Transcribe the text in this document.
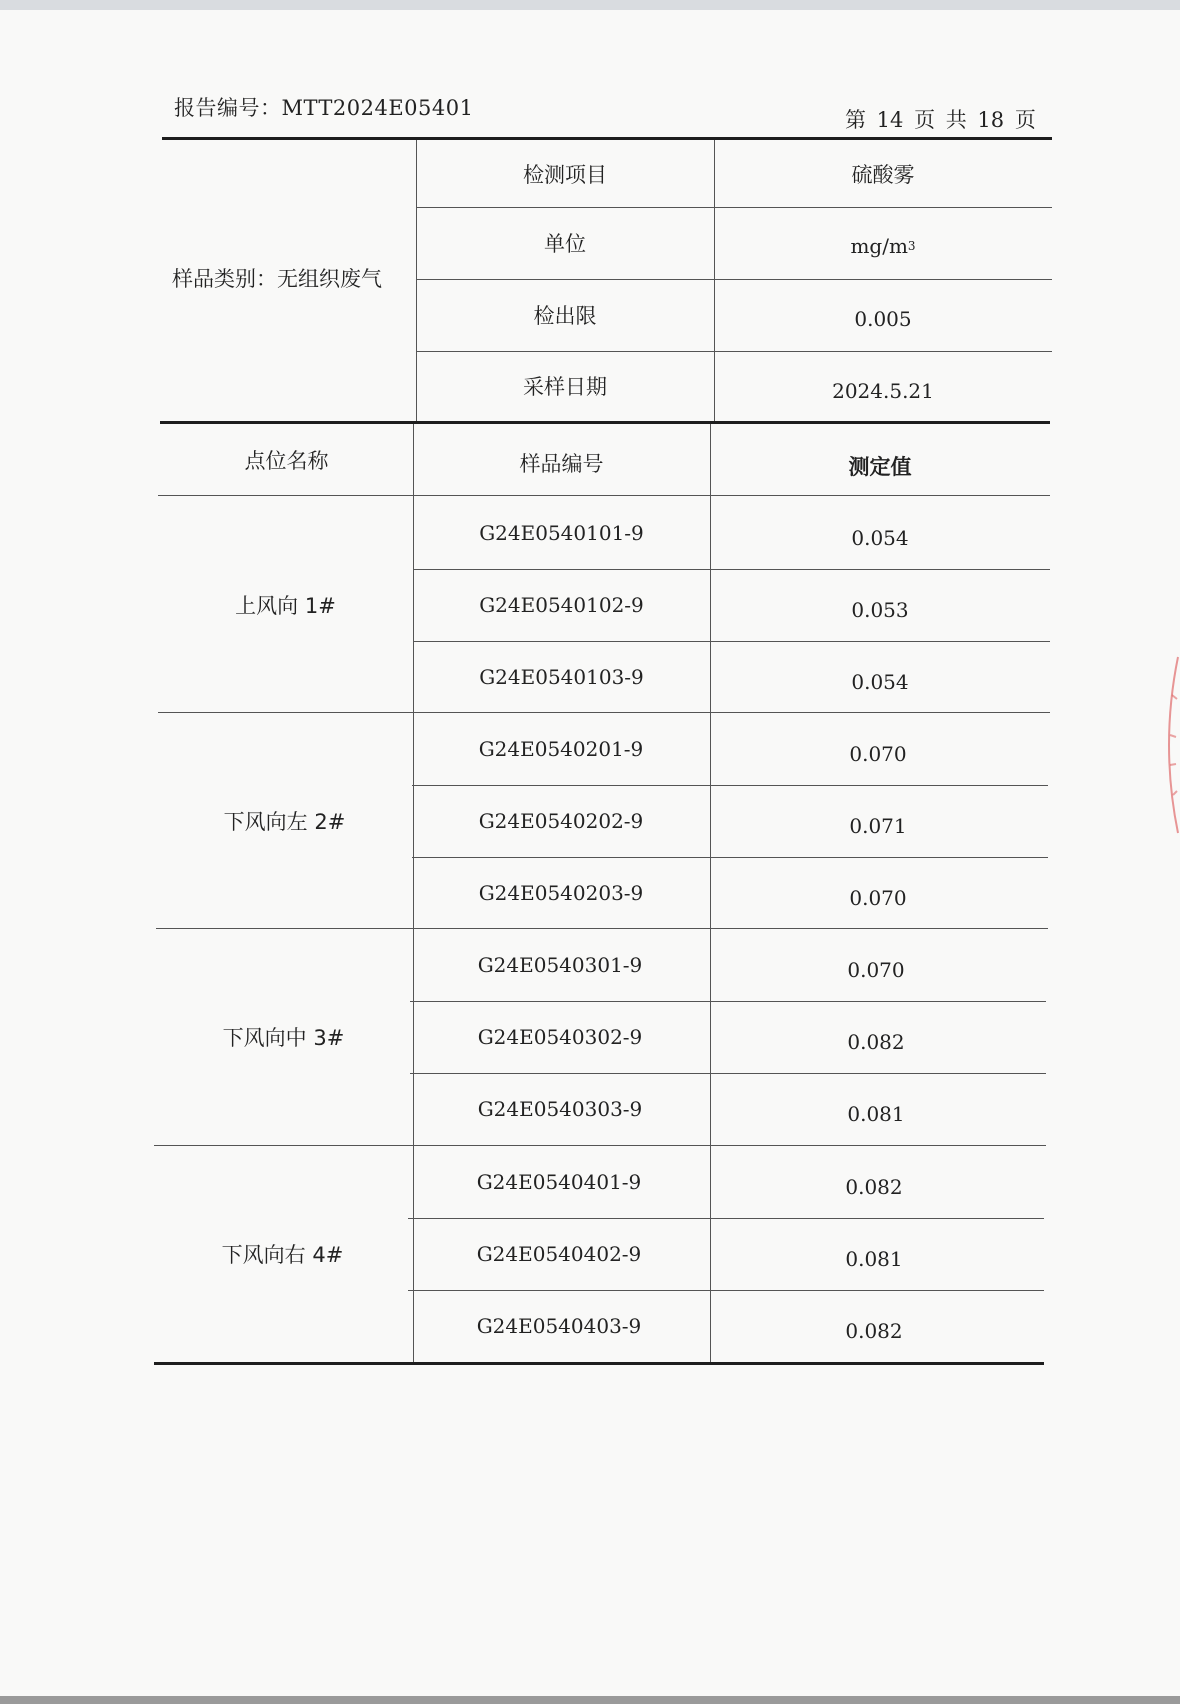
报告编号：MTT2024E05401	第 14 页 共 18 页
样品类别： 无组织废气
检测项目	硫酸雾
单位	mg/m 3
检出限	0.005
采样日期	2024.5.21
点位名称	样品编号	测定值
上风向 1#
G24E0540101-9	0.054
G24E0540102-9	0.053
G24E0540103-9	0.054
下风向左 2#
G24E0540201-9	0.070
G24E0540202-9	0.071
G24E0540203-9	0.070
下风向中 3#
G24E0540301-9	0.070
G24E0540302-9	0.082
G24E0540303-9	0.081
下风向右 4#
G24E0540401-9	0.082
G24E0540402-9	0.081
G24E0540403-9	0.082
